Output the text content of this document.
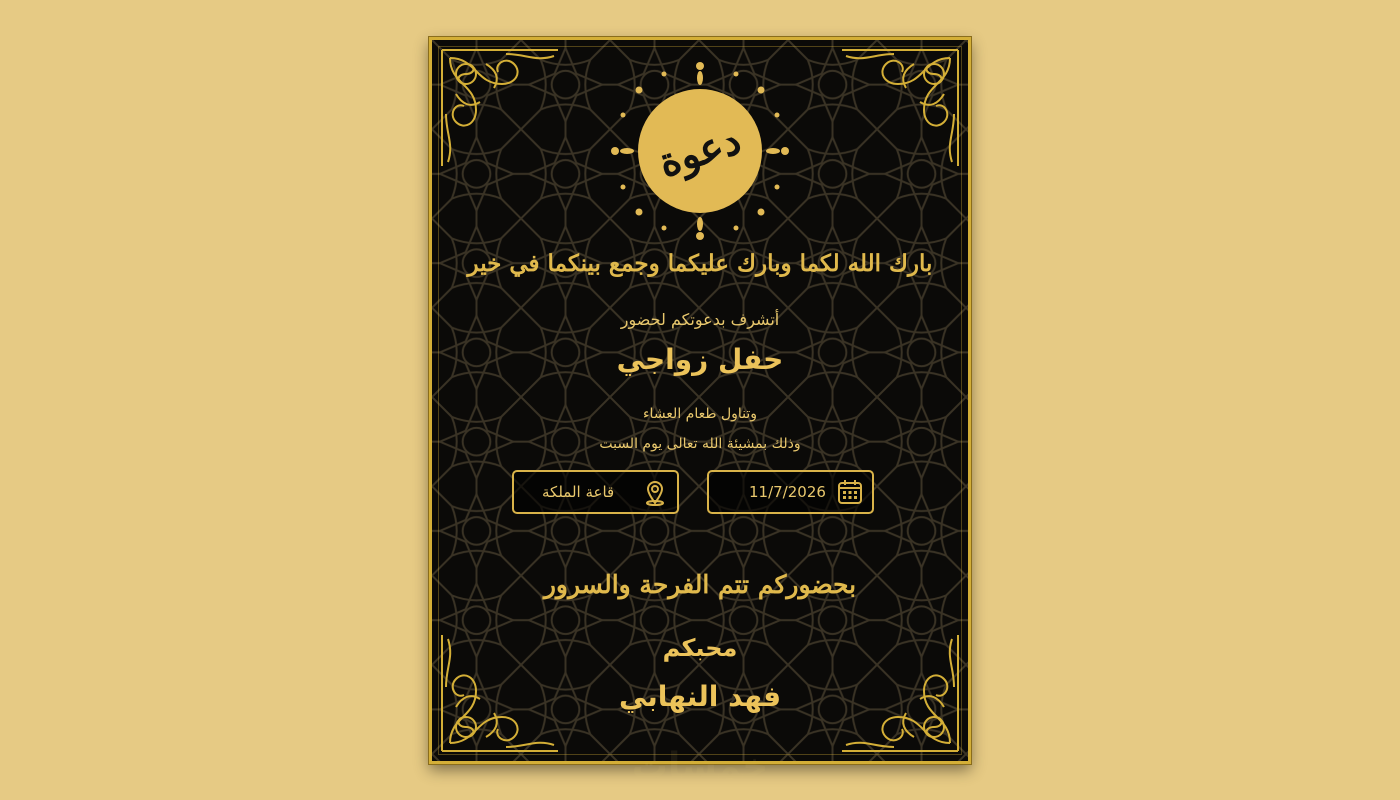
دعوة
بارك الله لكما وبارك عليكما وجمع بينكما في خير
أتشرف بدعوتكم لحضور
حفل زواجي
وتناول طعام العشاء
وذلك بمشيئة الله تعالى يوم السبت
قاعة الملكة	11/7/2026
بحضوركم تتم الفرحة والسرور
محبكم
فهد النهابي
خمسات
